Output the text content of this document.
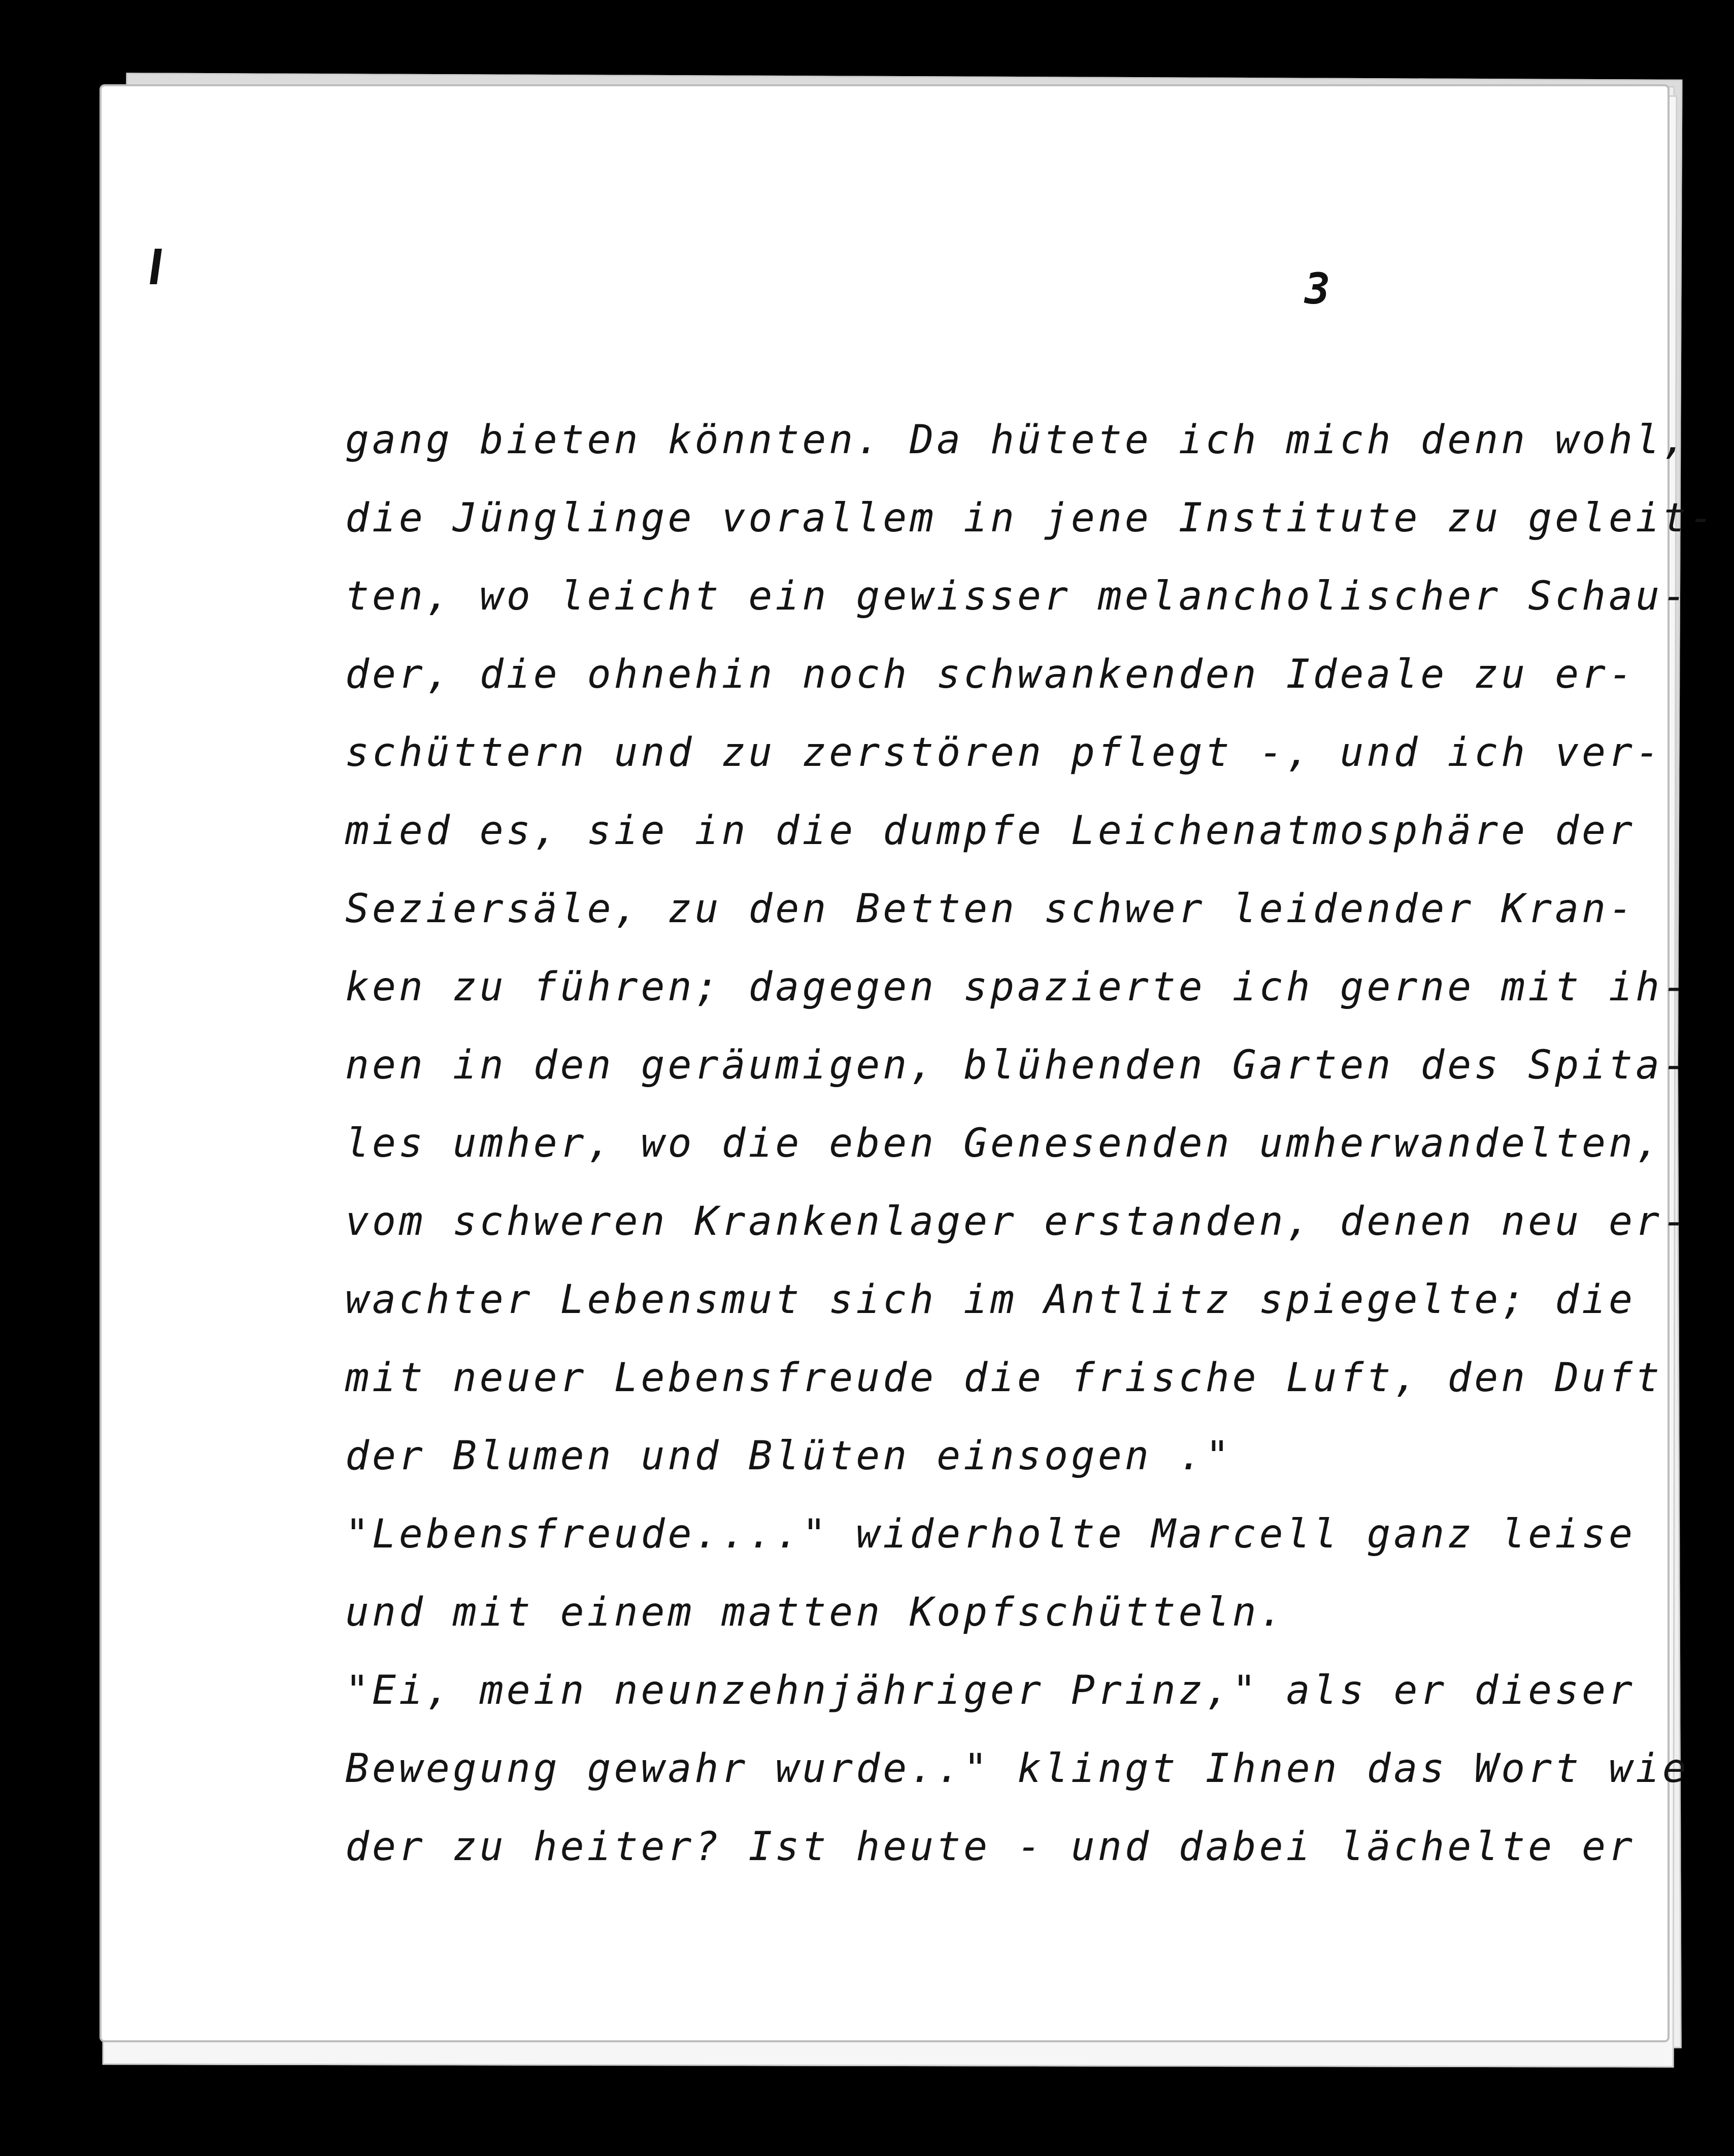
3

gang bieten könnten. Da hütete ich mich denn wohl,
die Jünglinge vorallem in jene Institute zu geleit-
ten, wo leicht ein gewisser melancholischer Schau-
der, die ohnehin noch schwankenden Ideale zu er-
schüttern und zu zerstören pflegt -, und ich ver-
mied es, sie in die dumpfe Leichenatmosphäre der
Seziersäle, zu den Betten schwer leidender Kran-
ken zu führen; dagegen spazierte ich gerne mit ih-
nen in den geräumigen, blühenden Garten des Spita-
les umher, wo die eben Genesenden umherwandelten,
vom schweren Krankenlager erstanden, denen neu er-
wachter Lebensmut sich im Antlitz spiegelte; die
mit neuer Lebensfreude die frische Luft, den Duft
der Blumen und Blüten einsogen ."
"Lebensfreude...." widerholte Marcell ganz leise
und mit einem matten Kopfschütteln.
"Ei, mein neunzehnjähriger Prinz," als er dieser
Bewegung gewahr wurde.." klingt Ihnen das Wort wie
der zu heiter? Ist heute - und dabei lächelte er
